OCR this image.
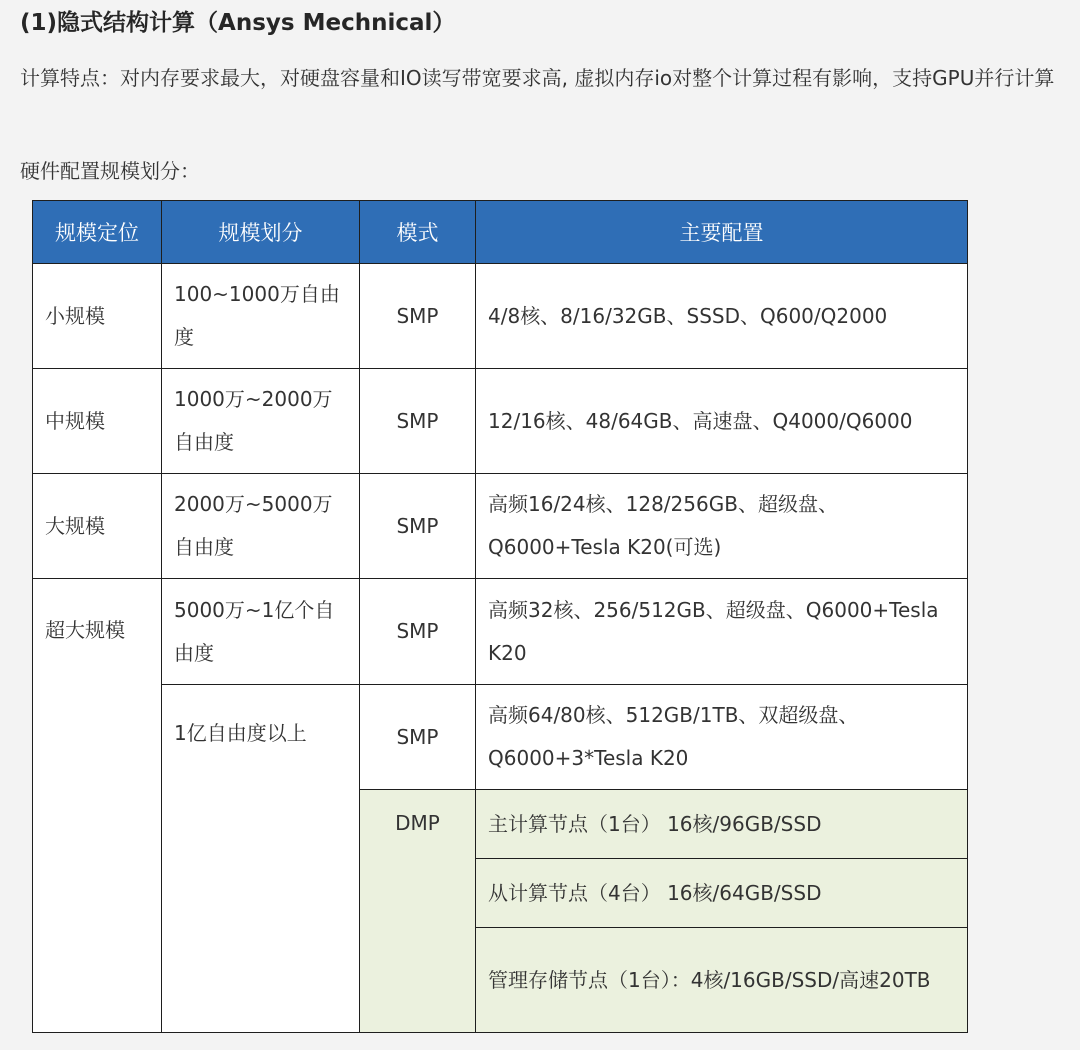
(1)隐式结构计算（Ansys Mechnical）
计算特点：对内存要求最大，对硬盘容量和IO读写带宽要求高, 虚拟内存io对整个计算过程有影响，支持GPU并行计算
硬件配置规模划分：
规模定位	规模划分	模式	主要配置
小规模	100~1000万自由度	SMP	4/8核、8/16/32GB、SSSD、Q600/Q2000
中规模	1000万~2000万自由度	SMP	12/16核、48/64GB、高速盘、Q4000/Q6000
大规模	2000万~5000万自由度	SMP	高频16/24核、128/256GB、超级盘、Q6000+Tesla K20(可选)

超大规模	5000万~1亿个自由度	SMP	高频32核、256/512GB、超级盘、Q6000+Tesla K20
	1亿自由度以上	SMP	高频64/80核、512GB/1TB、双超级盘、Q6000+3*Tesla K20
		DMP	主计算节点（1台） 16核/96GB/SSD
			从计算节点（4台） 16核/64GB/SSD
			管理存储节点（1台）：4核/16GB/SSD/高速20TB
